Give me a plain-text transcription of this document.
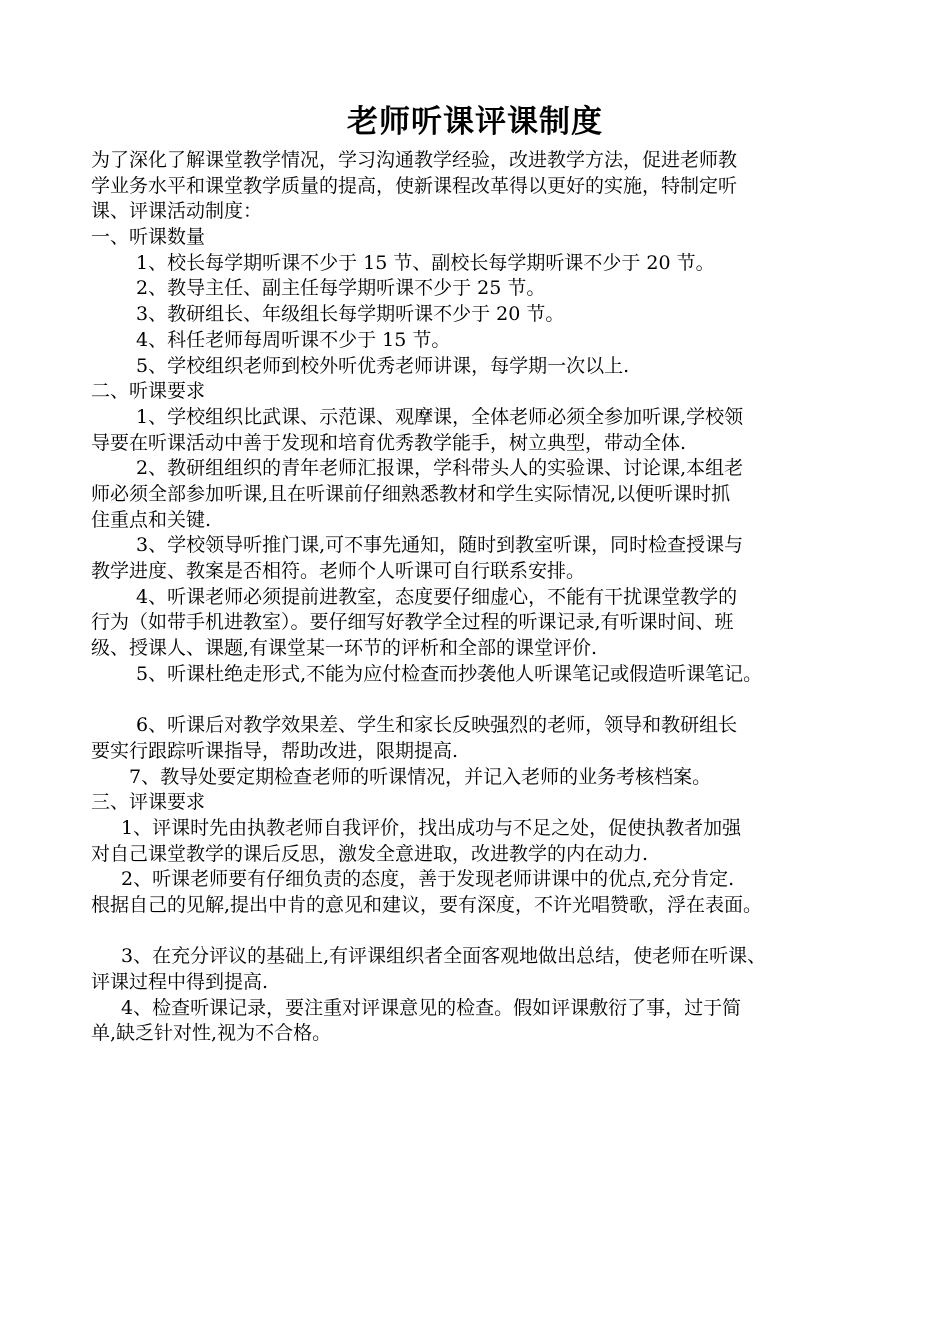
老师听课评课制度
为了深化了解课堂教学情况，学习沟通教学经验，改进教学方法，促进老师教
学业务水平和课堂教学质量的提高，使新课程改革得以更好的实施，特制定听
课、评课活动制度：
一、听课数量
1、校长每学期听课不少于 15 节、副校长每学期听课不少于 20 节。
2、教导主任、副主任每学期听课不少于 25 节。
3、教研组长、年级组长每学期听课不少于 20 节。
4、科任老师每周听课不少于 15 节。
5、学校组织老师到校外听优秀老师讲课，每学期一次以上.
二、听课要求
1、学校组织比武课、示范课、观摩课，全体老师必须全参加听课,学校领
导要在听课活动中善于发现和培育优秀教学能手，树立典型，带动全体.
2、教研组组织的青年老师汇报课，学科带头人的实验课、讨论课,本组老
师必须全部参加听课,且在听课前仔细熟悉教材和学生实际情况,以便听课时抓
住重点和关键.
3、学校领导听推门课,可不事先通知，随时到教室听课，同时检查授课与
教学进度、教案是否相符。老师个人听课可自行联系安排。
4、听课老师必须提前进教室，态度要仔细虚心，不能有干扰课堂教学的
行为（如带手机进教室）。要仔细写好教学全过程的听课记录,有听课时间、班
级、授课人、课题,有课堂某一环节的评析和全部的课堂评价.
5、听课杜绝走形式,不能为应付检查而抄袭他人听课笔记或假造听课笔记。
6、听课后对教学效果差、学生和家长反映强烈的老师，领导和教研组长
要实行跟踪听课指导，帮助改进，限期提高.
7、教导处要定期检查老师的听课情况，并记入老师的业务考核档案。
三、评课要求
1、评课时先由执教老师自我评价，找出成功与不足之处，促使执教者加强
对自己课堂教学的课后反思，激发全意进取，改进教学的内在动力.
2、听课老师要有仔细负责的态度，善于发现老师讲课中的优点,充分肯定.
根据自己的见解,提出中肯的意见和建议，要有深度，不许光唱赞歌，浮在表面。
3、在充分评议的基础上,有评课组织者全面客观地做出总结，使老师在听课、
评课过程中得到提高.
4、检查听课记录，要注重对评课意见的检查。假如评课敷衍了事，过于简
单,缺乏针对性,视为不合格。
